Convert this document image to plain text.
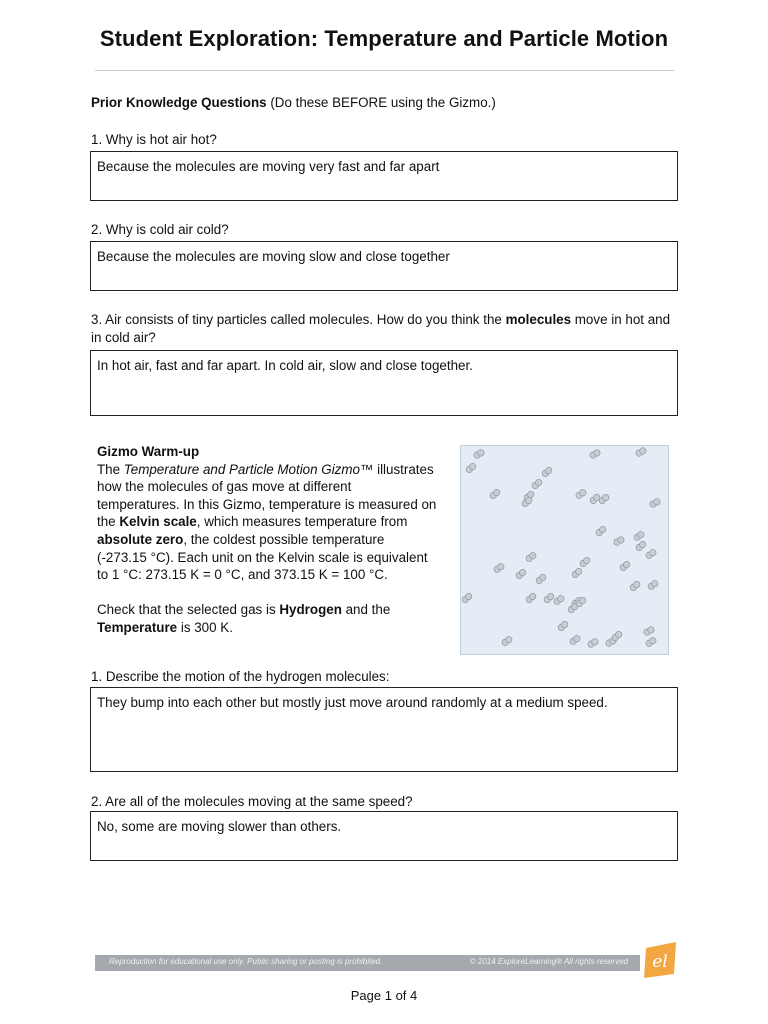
Student Exploration: Temperature and Particle Motion
Prior Knowledge Questions (Do these BEFORE using the Gizmo.)
1. Why is hot air hot?
Because the molecules are moving very fast and far apart
2. Why is cold air cold?
Because the molecules are moving slow and close together
3. Air consists of tiny particles called molecules. How do you think the molecules move in hot and in cold air?
In hot air, fast and far apart. In cold air, slow and close together.

Gizmo Warm-up

The Temperature and Particle Motion Gizmo™ illustrates how the molecules of gas move at different temperatures. In this Gizmo, temperature is measured on the Kelvin scale, which measures temperature from absolute zero, the coldest possible temperature (-273.15 °C). Each unit on the Kelvin scale is equivalent to 1 °C: 273.15 K = 0 °C, and 373.15 K = 100 °C.

Check that the selected gas is Hydrogen and the Temperature is 300 K.

1. Describe the motion of the hydrogen molecules:
They bump into each other but mostly just move around randomly at a medium speed.
2. Are all of the molecules moving at the same speed?
No, some are moving slower than others.
Reproduction for educational use only. Public sharing or posting is prohibited.	© 2014 ExploreLearning® All rights reserved el
Page 1 of 4
